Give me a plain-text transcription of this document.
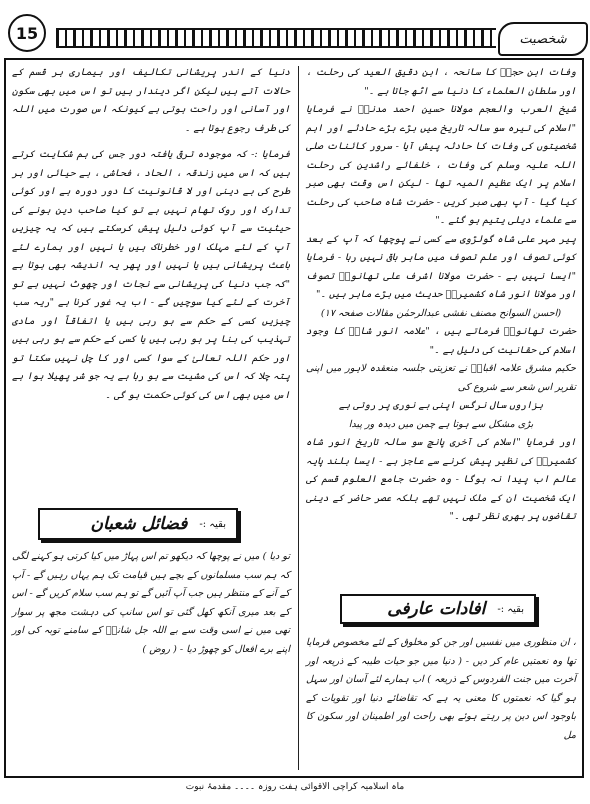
15	شخصیت

وفات ابن حجرؒ کا سانحہ ، ابن دقیق العید کی رحلت ، اور سلطان العلماء کا دنیا سے اٹھ جاتا ہے ۔"

شیخ العرب والعجم مولانا حسین احمد مدنیؒ نے فرمایا "اسلام کی تیرہ سو سالہ تاریخ میں بڑے بڑے حادثے اور اہم شخصیتوں کی وفات کا حادثہ پیش آیا - سرور کائنات صلی اللہ علیہ وسلم کی وفات ، خلفائے راشدین کی رحلت اسلام پر ایک عظیم المیہ تھا - لیکن اس وقت بھی صبر کیا گیا - آپ بھی صبر کریں - حضرت شاہ صاحب کی رحلت سے علماء دیلی یتیم ہو گئے ۔"

پیر مہر علی شاہ گولڑوی سے کسی نے پوچھا کہ آپ کے بعد کوئی تصوف اور علم تصوف میں ماہر باقی نہیں رہا - فرمایا "ایسا نہیں ہے - حضرت مولانا اشرف علی تھانویؒ تصوف اور مولانا انور شاہ کشمیریؒ حدیث میں بڑے ماہر ہیں ۔"

(احسن السوانح مصنف نفشی عبدالرحمٰن مقالات صفحہ ۱۷)

حضرت تھانویؒ فرماتے ہیں ، "علامہ انور شاہؒ کا وجود اسلام کی حقانیت کی دلیل ہے ۔"

حکیم مشرق علامہ اقبالؒ نے تعزیتی جلسہ منعقدہ لاہور میں اپنی تقریر اس شعر سے شروع کی

ہزاروں سال نرگس اپنی بے نوری پر روتی ہے

بڑی مشکل سے ہوتا ہے چمن میں دیدہ ور پیدا

اور فرمایا "اسلام کی آخری پانچ سو سالہ تاریخ انور شاہ کشمیریؒ کی نظیر پیش کرنے سے عاجز ہے - ایسا بلند پایہ عالم اب پیدا نہ ہوگا - وہ حضرت جامع العلوم قسم کی ایک شخصیت ان کے ملک نہیں تھے بلکہ عصر حاضر کے دینی تقاضوں پر بھری نظر تھی ۔"

بقیہ :-
افادات عارفی

، ان منظوری میں نفسیں اور جن کو مخلوق کے لئے مخصوص فرمایا تھا وہ نعمتیں عام کر دیں - ( دنیا میں جو حیات طیبہ کے ذریعہ اور آخرت میں جنت الفردوس کے ذریعہ ) اب ہمارے لئے آسان اور سہل ہو گیا کہ نعمتوں کا معنی یہ ہے کہ تقاضائے دنیا اور تقویات کے باوجود اس دین پر رہتے ہوئے بھی راحت اور اطمینان اور سکون کا مل

دنیا کے اندر پریشانی تکالیف اور بیماری ہر قسم کے حالات آتے ہیں لیکن اگر دیندار ہیں تو اس میں بھی سکون اور آسانی اور راحت ہوتی ہے کیونکہ اس صورت میں اللہ کی طرف رجوع ہوتا ہے ۔

فرمایا :- کہ موجودہ ترقی یافتہ دور جس کی ہم شکایت کرتے ہیں کہ اس میں زندقہ ، الحاد ، فحاشی ، بے حیائی اور ہر طرح کی بے دینی اور لا قانونیت کا دور دورہ ہے اور کوئی تدارک اور روک تھام نہیں ہے تو کیا صاحب دین ہونے کی حیثیت سے آپ کوئی دلیل پیش کرسکتے ہیں کہ یہ چیزیں آپ کے لئے مہلک اور خطرناک ہیں یا نہیں اور ہمارے لئے باعث پریشانی ہیں یا نہیں اور پھر یہ اندیشہ بھی ہوتا ہے "کہ جب دنیا کی پریشانی سے نجات اور چھوٹ نہیں ہے تو آخرت کے لئے کیا سوچیں گے - اب یہ غور کرنا ہے "ریہ سب چیزیں کسی کے حکم سے ہو رہی ہیں یا اتفاقاً اور مادی تہذیب کی بنا پر ہو رہی ہیں یا کسی کے حکم سے ہو رہی ہیں اور حکم اللہ تعالیٰ کے سوا کسی اور کا چل نہیں سکتا تو پتہ چلا کہ اس کی مشیت سے ہو رہا ہے یہ جو شر پھیلا ہوا ہے اس میں بھی اس کی کوئی حکمت ہو گی ۔

بقیہ :-
فضائل شعبان

تو دیا ) میں نے پوچھا کہ دیکھو تم اس پہاڑ میں کیا کرتی ہو کہنے لگی کہ ہم سب مسلمانوں کے بچے ہیں قیامت تک ہم یہاں رہیں گے - آپ کے آنے کے منتظر ہیں جب آپ آئیں گے تو ہم سب سلام کریں گے - اس کے بعد میری آنکھ کھل گئی تو اس سانپ کی دہشت مجھ پر سوار تھی میں نے اسی وقت سے بے اللہ جل شانہٗ کے سامنے توبہ کی اور اپنے برے افعال کو چھوڑ دیا - ( روض )

ماہ اسلامیہ کراچی الاقوائی ہفت روزہ ۔۔۔۔ مقدمۂ نبوت
